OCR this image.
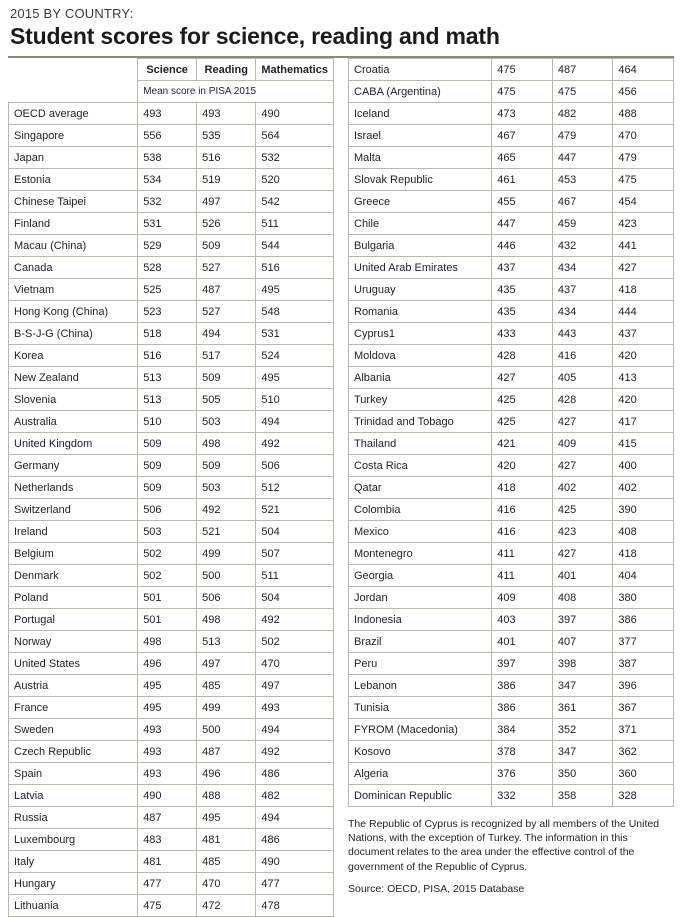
2015 BY COUNTRY:
Student scores for science, reading and math
	Science	Reading	Mathematics
	Mean score in PISA 2015		
OECD average	493	493	490
Singapore	556	535	564
Japan	538	516	532
Estonia	534	519	520
Chinese Taipei	532	497	542
Finland	531	526	511
Macau (China)	529	509	544
Canada	528	527	516
Vietnam	525	487	495
Hong Kong (China)	523	527	548
B-S-J-G (China)	518	494	531
Korea	516	517	524
New Zealand	513	509	495
Slovenia	513	505	510
Australia	510	503	494
United Kingdom	509	498	492
Germany	509	509	506
Netherlands	509	503	512
Switzerland	506	492	521
Ireland	503	521	504
Belgium	502	499	507
Denmark	502	500	511
Poland	501	506	504
Portugal	501	498	492
Norway	498	513	502
United States	496	497	470
Austria	495	485	497
France	495	499	493
Sweden	493	500	494
Czech Republic	493	487	492
Spain	493	496	486
Latvia	490	488	482
Russia	487	495	494
Luxembourg	483	481	486
Italy	481	485	490
Hungary	477	470	477
Lithuania	475	472	478
Croatia	475	487	464
CABA (Argentina)	475	475	456
Iceland	473	482	488
Israel	467	479	470
Malta	465	447	479
Slovak Republic	461	453	475
Greece	455	467	454
Chile	447	459	423
Bulgaria	446	432	441
United Arab Emirates	437	434	427
Uruguay	435	437	418
Romania	435	434	444
Cyprus1	433	443	437
Moldova	428	416	420
Albania	427	405	413
Turkey	425	428	420
Trinidad and Tobago	425	427	417
Thailand	421	409	415
Costa Rica	420	427	400
Qatar	418	402	402
Colombia	416	425	390
Mexico	416	423	408
Montenegro	411	427	418
Georgia	411	401	404
Jordan	409	408	380
Indonesia	403	397	386
Brazil	401	407	377
Peru	397	398	387
Lebanon	386	347	396
Tunisia	386	361	367
FYROM (Macedonia)	384	352	371
Kosovo	378	347	362
Algeria	376	350	360
Dominican Republic	332	358	328

The Republic of Cyprus is recognized by all members of the United Nations, with the exception of Turkey. The information in this document relates to the area under the effective control of the government of the Republic of Cyprus.

Source: OECD, PISA, 2015 Database
